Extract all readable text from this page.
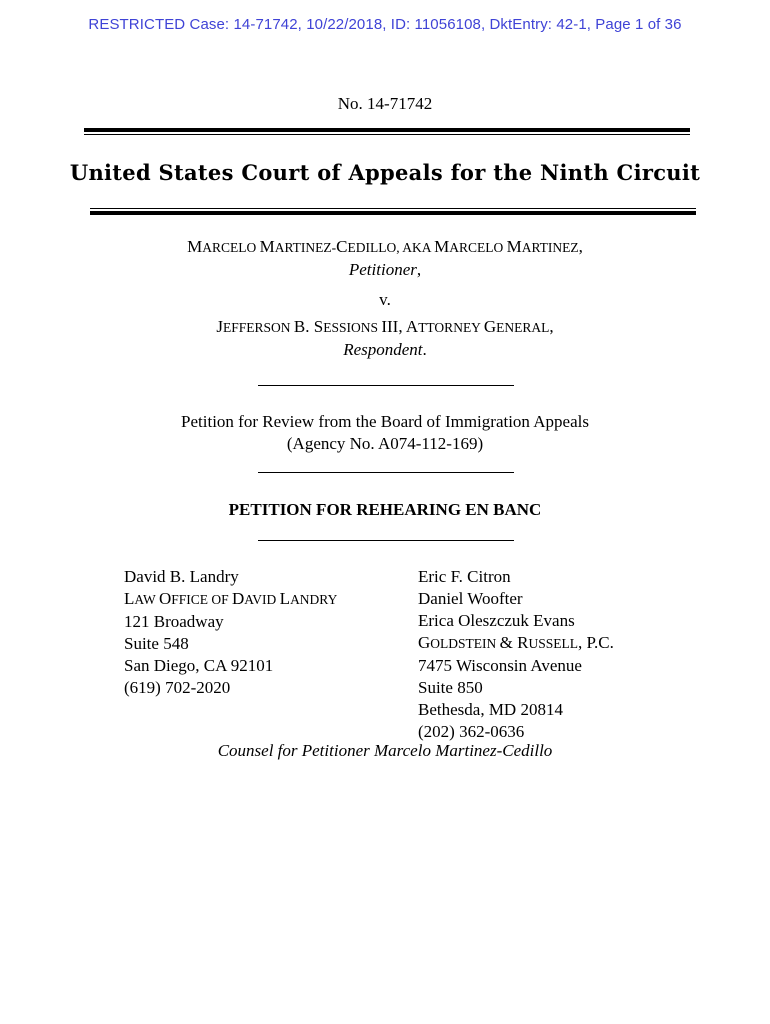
RESTRICTED Case: 14-71742, 10/22/2018, ID: 11056108, DktEntry: 42-1, Page 1 of 36
No. 14-71742
United States Court of Appeals for the Ninth Circuit
MARCELO MARTINEZ-CEDILLO, AKA MARCELO MARTINEZ,
Petitioner,
v.
JEFFERSON B. SESSIONS III, ATTORNEY GENERAL,
Respondent.
Petition for Review from the Board of Immigration Appeals
(Agency No. A074-112-169)
PETITION FOR REHEARING EN BANC
David B. Landry
LAW OFFICE OF DAVID LANDRY
121 Broadway
Suite 548
San Diego, CA 92101
(619) 702-2020
Eric F. Citron
Daniel Woofter
Erica Oleszczuk Evans
GOLDSTEIN & RUSSELL, P.C.
7475 Wisconsin Avenue
Suite 850
Bethesda, MD 20814
(202) 362-0636
Counsel for Petitioner Marcelo Martinez-Cedillo
